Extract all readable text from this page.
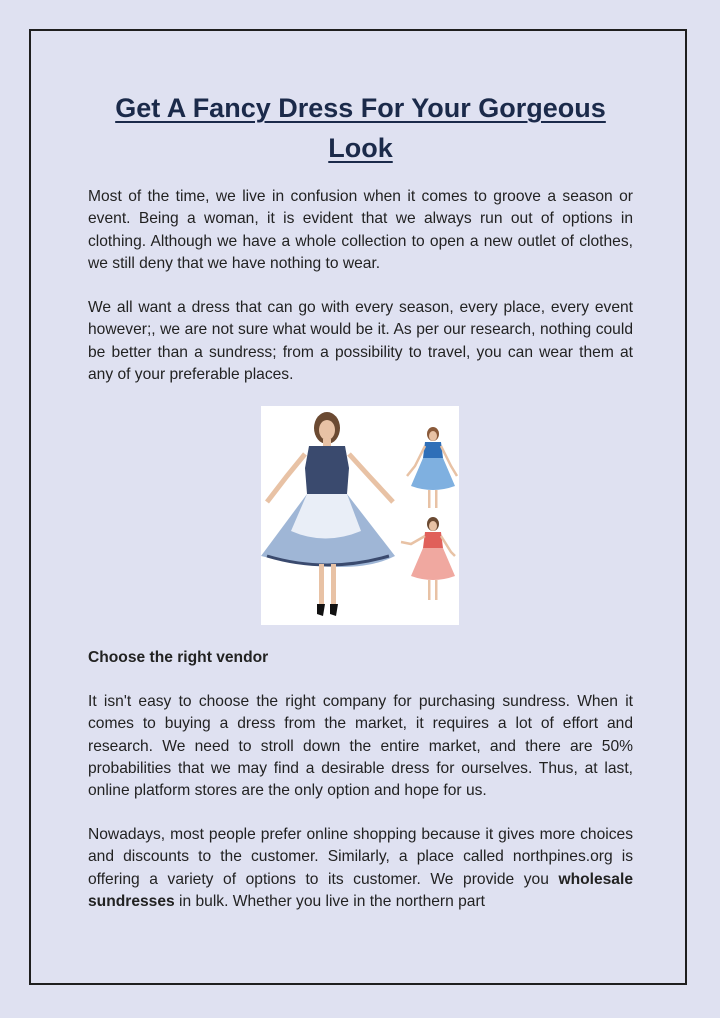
Get A Fancy Dress For Your Gorgeous Look

Most of the time, we live in confusion when it comes to groove a season or event. Being a woman, it is evident that we always run out of options in clothing. Although we have a whole collection to open a new outlet of clothes, we still deny that we have nothing to wear.

We all want a dress that can go with every season, every place, every event however;, we are not sure what would be it. As per our research, nothing could be better than a sundress; from a possibility to travel, you can wear them at any of your preferable places.

Choose the right vendor

It isn't easy to choose the right company for purchasing sundress. When it comes to buying a dress from the market, it requires a lot of effort and research. We need to stroll down the entire market, and there are 50% probabilities that we may find a desirable dress for ourselves. Thus, at last, online platform stores are the only option and hope for us.

Nowadays, most people prefer online shopping because it gives more choices and discounts to the customer. Similarly, a place called northpines.org is offering a variety of options to its customer. We provide you wholesale sundresses in bulk. Whether you live in the northern part
